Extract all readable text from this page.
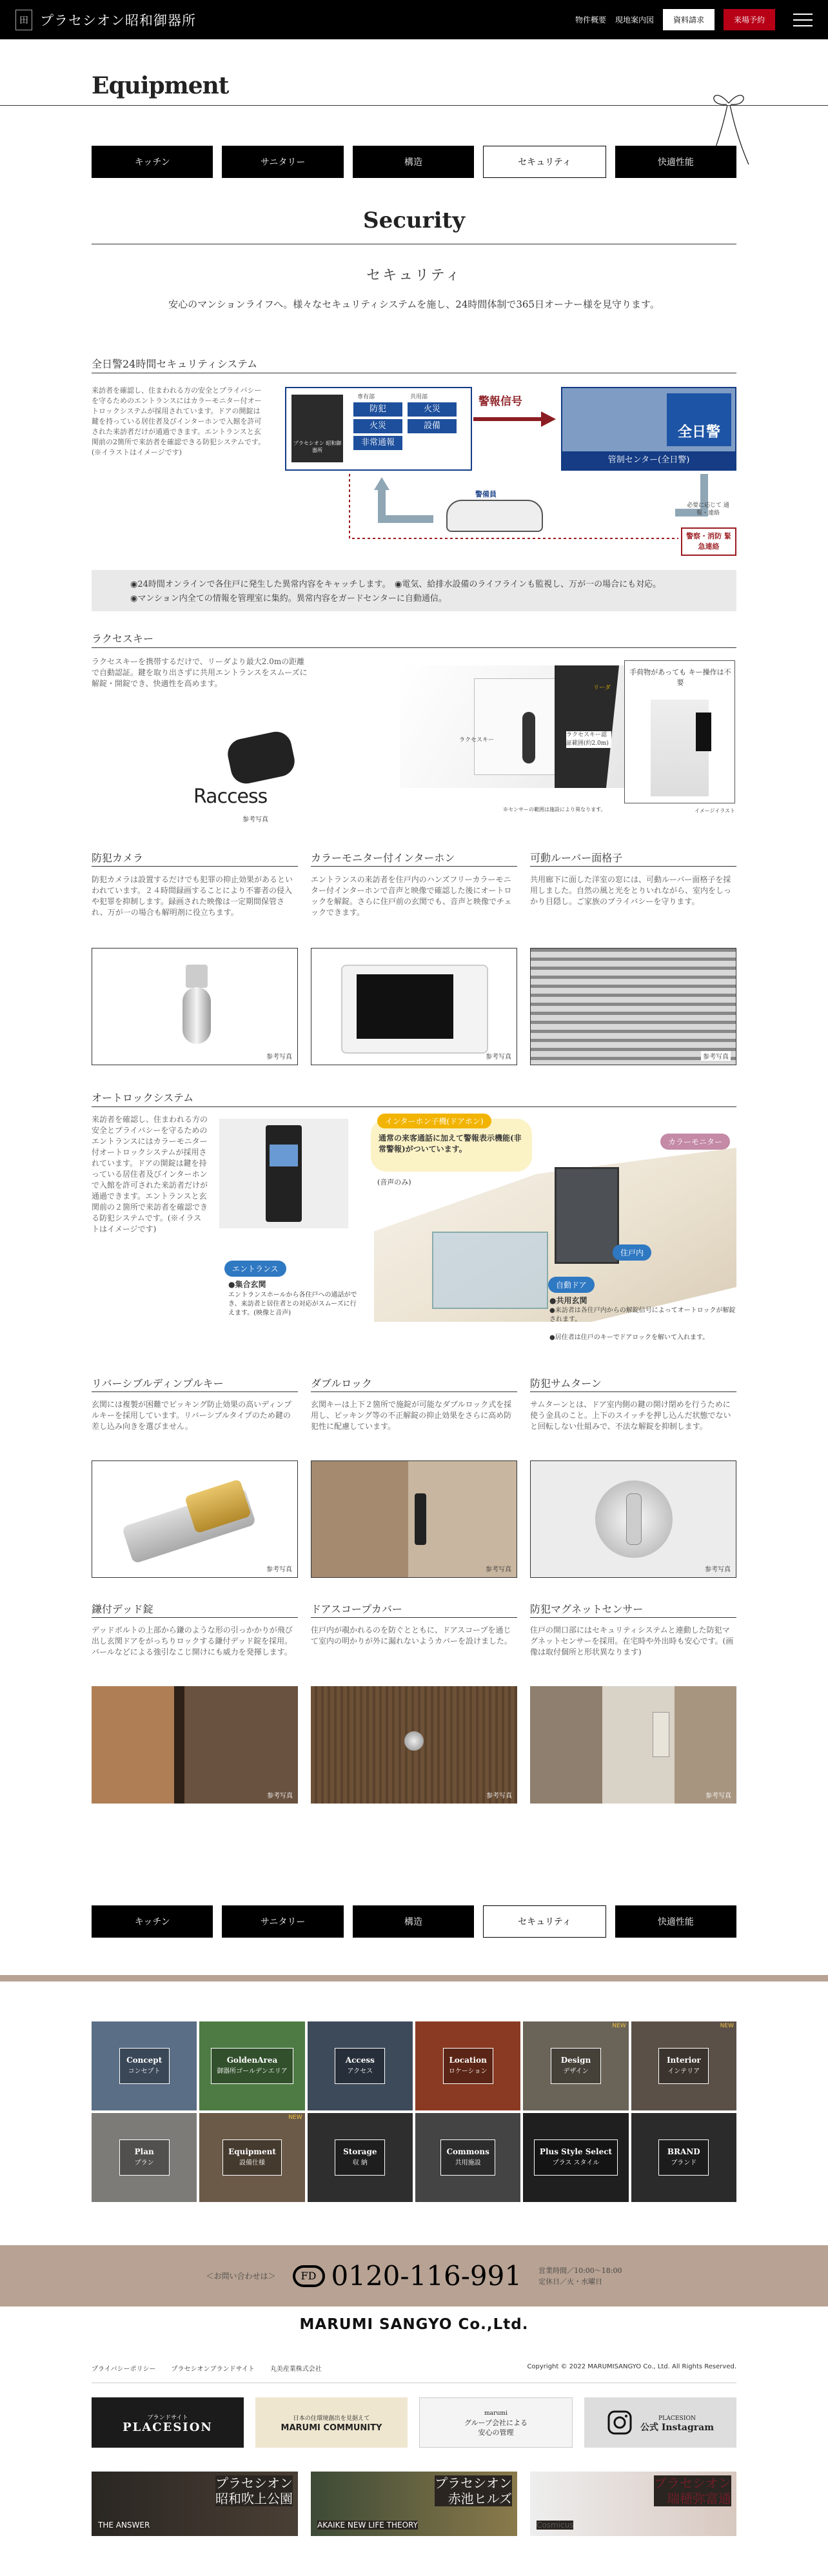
田 プラセシオン昭和御器所	物件概要 現地案内図	資料請求	来場予約
Equipment
キッチン	サニタリー	構造	セキュリティ	快適性能
Security
セキュリティ

安心のマンションライフへ。様々なセキュリティシステムを施し、24時間体制で365日オーナー様を見守ります。

全日警24時間セキュリティシステム

来訪者を確認し、住まわれる方の安全とプライバシーを守るためのエントランスにはカラーモニター付オートロックシステムが採用されています。ドアの開錠は鍵を持っている居住者及びインターホンで入館を許可された来訪者だけが通過できます。エントランスと玄関前の2箇所で来訪者を確認できる防犯システムです。(※イラストはイメージです)

プラセシオン 昭和御器所
専有部	共用部
防犯
火災
非常通報
火災
設備
警報信号
全日警
管制センター(全日警)
警備員
必要に応じて 通報・連絡
警察・消防 緊急連絡
◉24時間オンラインで各住戸に発生した異常内容をキャッチします。　 ◉電気、給排水設備のライフラインも監視し、万が一の場合にも対応。
◉マンション内全ての情報を管理室に集約。異常内容をガードセンターに自動通信。
ラクセスキー

ラクセスキーを携帯するだけで、リーダより最大2.0mの距離で自動認証。鍵を取り出さずに共用エントランスをスムーズに解錠・開錠でき、快適性を高めます。

Raccess
参考写真
リーダ
ラクセスキー
ラクセスキー認証範囲(約2.0m)
※センサーの範囲は施設により異なります。
手荷物があっても キー操作は不要
イメージイラスト
防犯カメラ

防犯カメラは設置するだけでも犯罪の抑止効果があるといわれています。２４時間録画することにより不審者の侵入や犯罪を抑制します。録画された映像は一定期間保管され、万が一の場合も解明剤に役立ちます。

参考写真
カラーモニター付インターホン

エントランスの来訪者を住戸内のハンズフリーカラーモニター付インターホンで音声と映像で確認した後にオートロックを解錠。さらに住戸前の玄関でも、音声と映像でチェックできます。

参考写真
可動ルーバー面格子

共用廊下に面した洋室の窓には、可動ルーバー面格子を採用しました。自然の風と光をとりいれながら、室内をしっかり目隠し。ご家族のプライバシーを守ります。

参考写真
オートロックシステム

来訪者を確認し、住まわれる方の安全とプライバシーを守るためのエントランスにはカラーモニター付オートロックシステムが採用されています。ドアの開錠は鍵を持っている居住者及びインターホンで入館を許可された来訪者だけが通過できます。エントランスと玄関前の２箇所で来訪者を確認できる防犯システムです。(※イラストはイメージです)

インターホン子機(ドアホン)
通常の来客通話に加えて警報表示機能(非常警報)がついています。
(音声のみ)
カラーモニター
住戸内
エントランス
●集合玄関
エントランスホールから各住戸への通話ができ、来訪者と居住者との対応がスムーズに行えます。(映像と音声)
自動ドア
●共用玄関
●来訪者は各住戸内からの解錠信号によってオートロックが解錠されます。
●居住者は住戸のキーでドアロックを解いて入れます。
リバーシブルディンプルキー

玄関には複製が困難でピッキング防止効果の高いディンプルキーを採用しています。リバーシブルタイプのため鍵の差し込み向きを選びません。

参考写真
ダブルロック

玄関キーは上下２箇所で施錠が可能なダブルロック式を採用し、ピッキング等の不正解錠の抑止効果をさらに高め防犯性に配慮しています。

参考写真
防犯サムターン

サムターンとは、ドア室内側の鍵の開け閉めを行うために使う金具のこと。上下のスイッチを押し込んだ状態でないと回転しない仕組みで、不法な解錠を抑制します。

参考写真
鎌付デッド錠

デッドボルトの上部から鎌のような形の引っかかりが飛び出し玄関ドアをがっちりロックする鎌付デッド錠を採用。バールなどによる強引なこじ開けにも威力を発揮します。

参考写真
ドアスコープカバー

住戸内が覗かれるのを防ぐとともに、ドアスコープを通じて室内の明かりが外に漏れないようカバーを設けました。

参考写真
防犯マグネットセンサー

住戸の開口部にはセキュリティシステムと連動した防犯マグネットセンサーを採用。在宅時や外出時も安心です。(画像は取付個所と形状異なります)

参考写真
キッチン	サニタリー	構造	セキュリティ	快適性能
Concept
コンセプト
GoldenArea
御器所ゴールデンエリア
Access
アクセス
Location
ロケーション
NEW
Design
デザイン
NEW
Interior
インテリア
Plan
プラン
NEW
Equipment
設備仕様
Storage
収 納
Commons
共用施設
Plus Style Select
プラス スタイル
BRAND
ブランド
＜お問い合わせは＞	FD 0120-116-991 営業時間／10:00〜18:00
定休日／火・水曜日
MARUMI SANGYO Co.,Ltd.
プライバシーポリシー プラセシオンブランドサイト 丸美産業株式会社	Copyright © 2022 MARUMISANGYO Co., Ltd. All Rights Reserved.
ブランドサイト
PLACESION
日本の住環境創出を見据えて
MARUMI COMMUNITY
marumi
グループ会社による
安心の管理
PLACESION
公式 Instagram
プラセシオン
昭和吹上公園
THE ANSWER
プラセシオン
赤池ヒルズ
AKAIKE NEW LIFE THEORY
プラセシオン
瑞穂弥富通
Cosmicus
